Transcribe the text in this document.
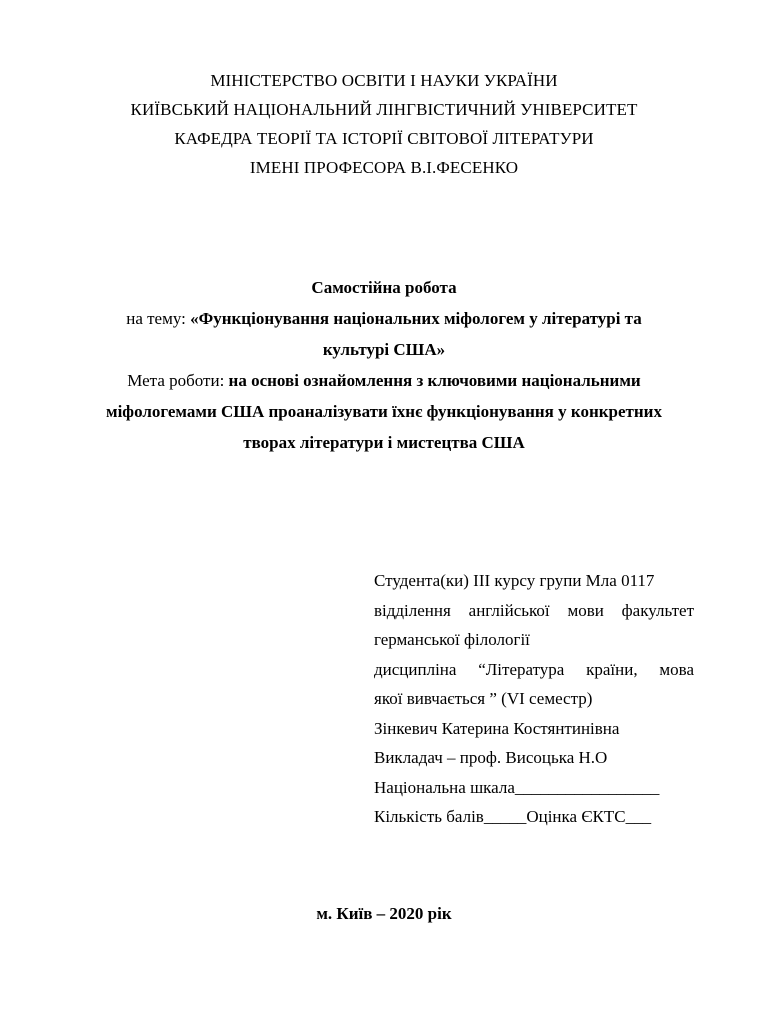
МІНІСТЕРСТВО ОСВІТИ І НАУКИ УКРАЇНИ
КИЇВСЬКИЙ НАЦІОНАЛЬНИЙ ЛІНГВІСТИЧНИЙ УНІВЕРСИТЕТ
КАФЕДРА ТЕОРІЇ ТА ІСТОРІЇ СВІТОВОЇ ЛІТЕРАТУРИ
ІМЕНІ ПРОФЕСОРА В.І.ФЕСЕНКО
Самостійна робота
на тему: «Функціонування національних міфологем у літературі та
культурі США»
Мета роботи: на основі ознайомлення з ключовими національними
міфологемами США проаналізувати їхнє функціонування у конкретних
творах літератури і мистецтва США
Студента(ки) ІІІ курсу групи Мла 0117
відділення англійської мови факультет
германської філології
дисципліна “Література країни, мова
якої вивчається ” (VI семестр)
Зінкевич Катерина Костянтинівна
Викладач – проф. Висоцька Н.О
Національна шкала_________________
Кількість балів_____Оцінка ЄКТС___
м. Київ – 2020 рік
